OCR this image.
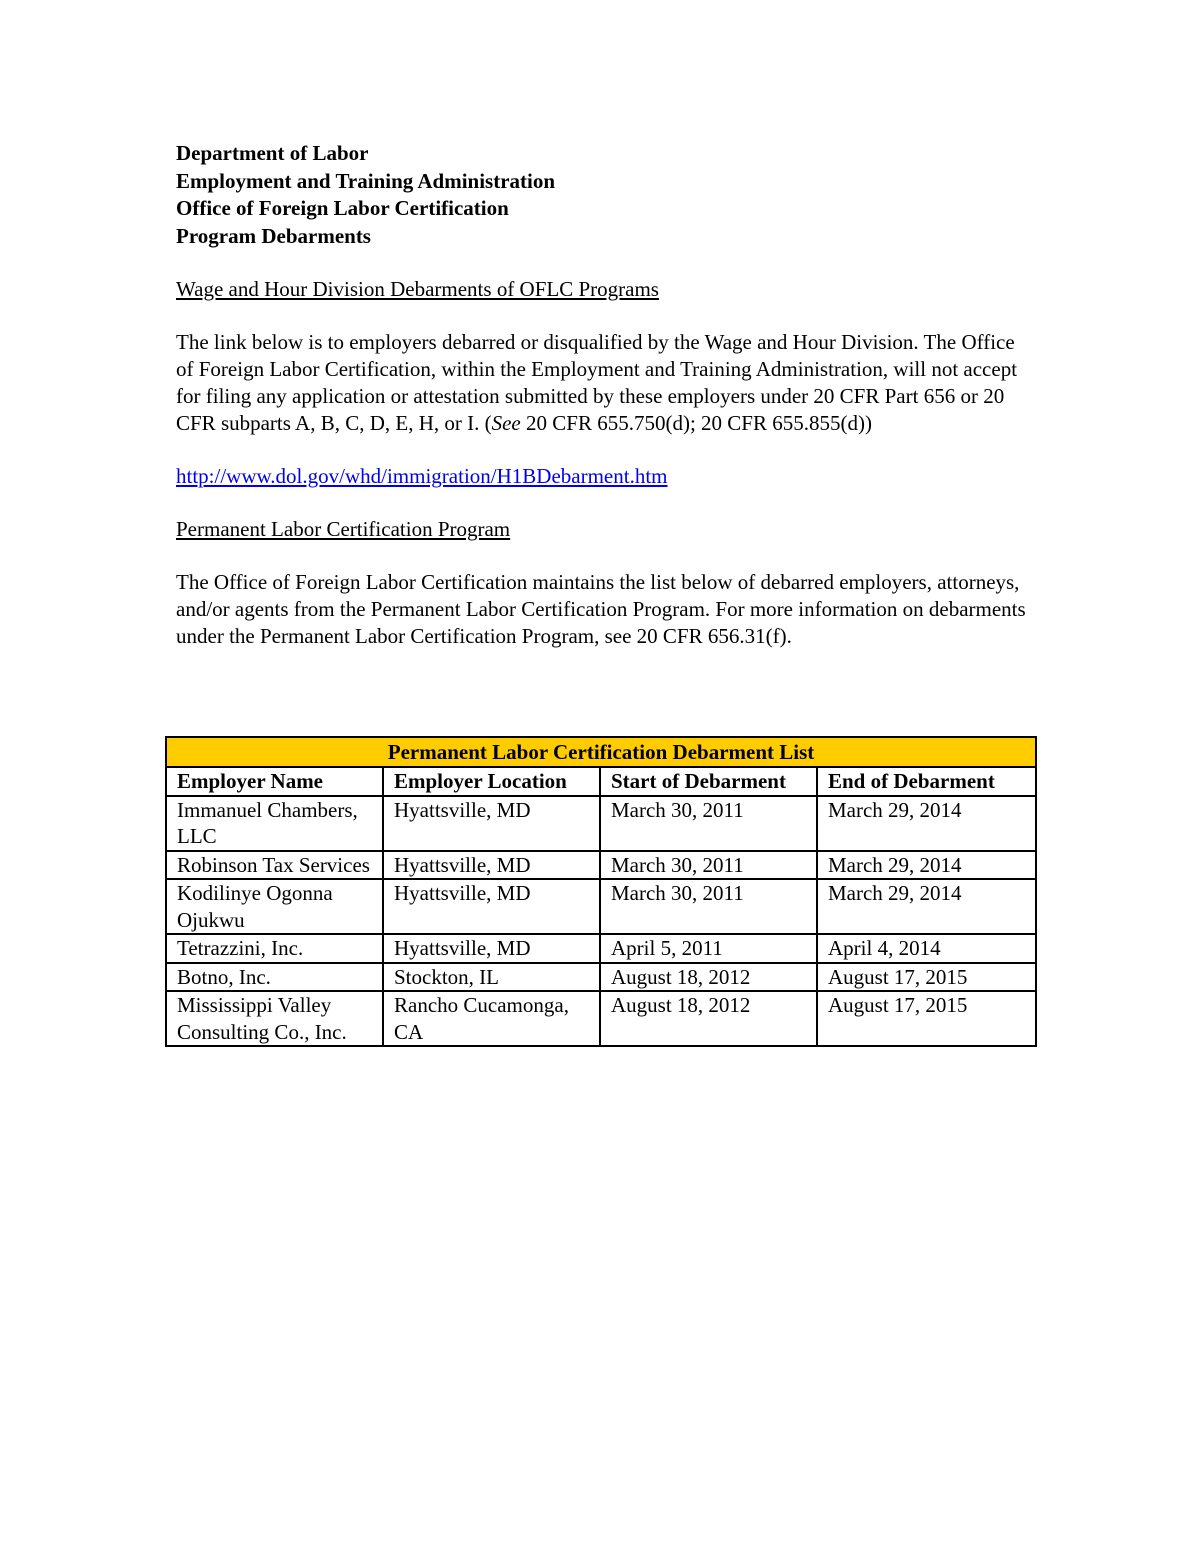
Department of Labor
Employment and Training Administration
Office of Foreign Labor Certification
Program Debarments
Wage and Hour Division Debarments of OFLC Programs
The link below is to employers debarred or disqualified by the Wage and Hour Division. The Office of Foreign Labor Certification, within the Employment and Training Administration, will not accept for filing any application or attestation submitted by these employers under 20 CFR Part 656 or 20 CFR subparts A, B, C, D, E, H, or I. (See 20 CFR 655.750(d); 20 CFR 655.855(d))
http://www.dol.gov/whd/immigration/H1BDebarment.htm
Permanent Labor Certification Program
The Office of Foreign Labor Certification maintains the list below of debarred employers, attorneys, and/or agents from the Permanent Labor Certification Program. For more information on debarments under the Permanent Labor Certification Program, see 20 CFR 656.31(f).
Permanent Labor Certification Debarment List			
Employer Name	Employer Location	Start of Debarment	End of Debarment
Immanuel Chambers, LLC	Hyattsville, MD	March 30, 2011	March 29, 2014
Robinson Tax Services	Hyattsville, MD	March 30, 2011	March 29, 2014
Kodilinye Ogonna Ojukwu	Hyattsville, MD	March 30, 2011	March 29, 2014
Tetrazzini, Inc.	Hyattsville, MD	April 5, 2011	April 4, 2014
Botno, Inc.	Stockton, IL	August 18, 2012	August 17, 2015
Mississippi Valley Consulting Co., Inc.	Rancho Cucamonga, CA	August 18, 2012	August 17, 2015
